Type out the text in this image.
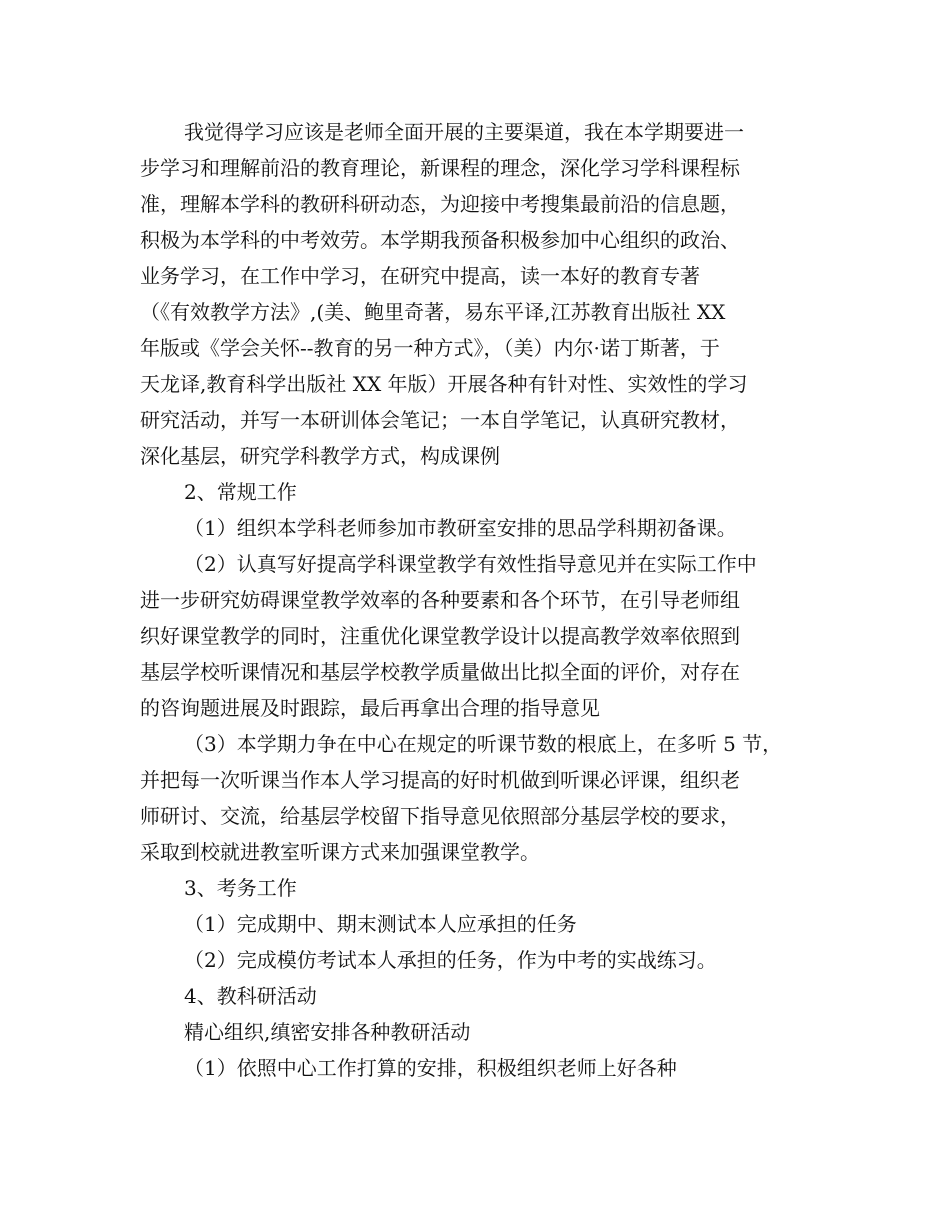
我觉得学习应该是老师全面开展的主要渠道，我在本学期要进一
步学习和理解前沿的教育理论，新课程的理念，深化学习学科课程标
准，理解本学科的教研科研动态，为迎接中考搜集最前沿的信息题，
积极为本学科的中考效劳。本学期我预备积极参加中心组织的政治、
业务学习，在工作中学习，在研究中提高，读一本好的教育专著
（《有效教学方法》,(美、鲍里奇著，易东平译,江苏教育出版社 XX
年版或《学会关怀--教育的另一种方式》，（美）内尔·诺丁斯著，于
天龙译,教育科学出版社 XX 年版）开展各种有针对性、实效性的学习
研究活动，并写一本研训体会笔记；一本自学笔记，认真研究教材，
深化基层，研究学科教学方式，构成课例
2、常规工作
（1）组织本学科老师参加市教研室安排的思品学科期初备课。
（2）认真写好提高学科课堂教学有效性指导意见并在实际工作中
进一步研究妨碍课堂教学效率的各种要素和各个环节，在引导老师组
织好课堂教学的同时，注重优化课堂教学设计以提高教学效率依照到
基层学校听课情况和基层学校教学质量做出比拟全面的评价，对存在
的咨询题进展及时跟踪，最后再拿出合理的指导意见
（3）本学期力争在中心在规定的听课节数的根底上，在多听 5 节，
并把每一次听课当作本人学习提高的好时机做到听课必评课，组织老
师研讨、交流，给基层学校留下指导意见依照部分基层学校的要求，
采取到校就进教室听课方式来加强课堂教学。
3、考务工作
（1）完成期中、期末测试本人应承担的任务
（2）完成模仿考试本人承担的任务，作为中考的实战练习。
4、教科研活动
精心组织,缜密安排各种教研活动
（1）依照中心工作打算的安排，积极组织老师上好各种
